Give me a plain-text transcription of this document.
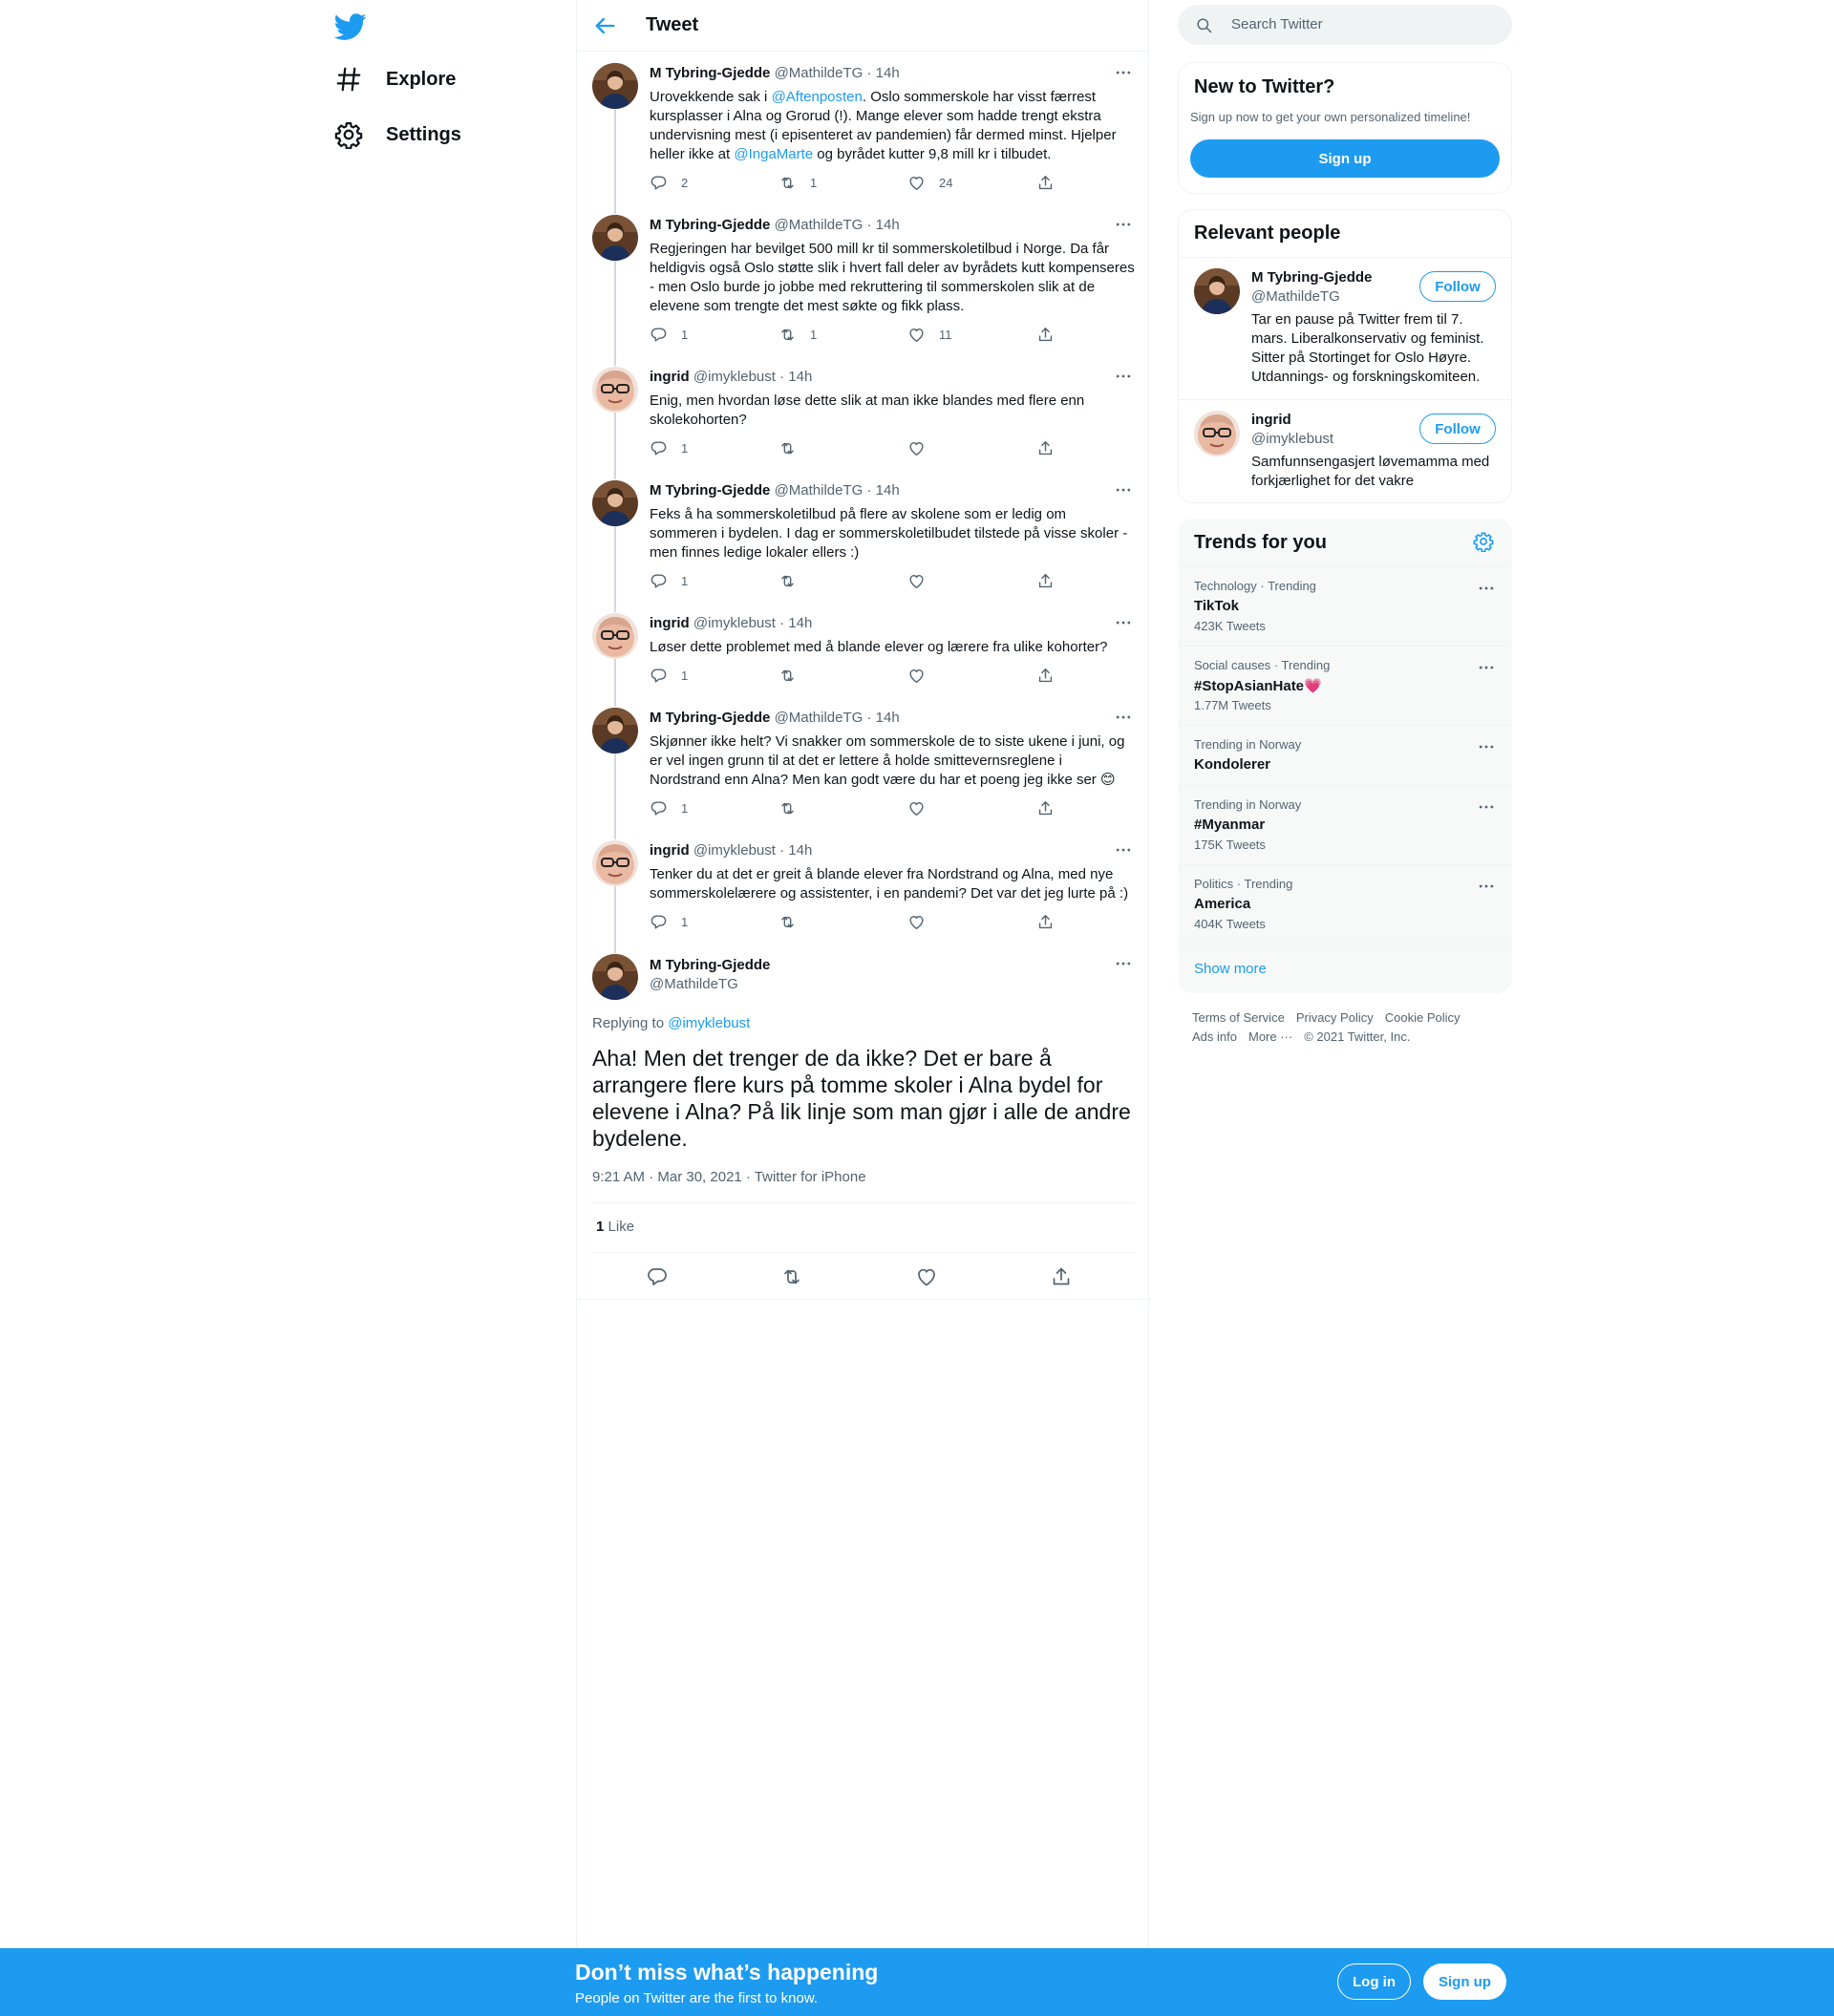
Explore
Settings
Tweet
M Tybring-Gjedde @MathildeTG · 14h
Urovekkende sak i @Aftenposten. Oslo sommerskole har visst færrest kursplasser i Alna og Grorud (!). Mange elever som hadde trengt ekstra undervisning mest (i episenteret av pandemien) får dermed minst. Hjelper heller ikke at @IngaMarte og byrådet kutter 9,8 mill kr i tilbudet.
2	1	24
M Tybring-Gjedde @MathildeTG · 14h
Regjeringen har bevilget 500 mill kr til sommerskoletilbud i Norge. Da får heldigvis også Oslo støtte slik i hvert fall deler av byrådets kutt kompenseres - men Oslo burde jo jobbe med rekruttering til sommerskolen slik at de elevene som trengte det mest søkte og fikk plass.
1	1	11
ingrid @imyklebust · 14h
Enig, men hvordan løse dette slik at man ikke blandes med flere enn skolekohorten?
1
M Tybring-Gjedde @MathildeTG · 14h
Feks å ha sommerskoletilbud på flere av skolene som er ledig om sommeren i bydelen. I dag er sommerskoletilbudet tilstede på visse skoler - men finnes ledige lokaler ellers :)
1
ingrid @imyklebust · 14h
Løser dette problemet med å blande elever og lærere fra ulike kohorter?
1
M Tybring-Gjedde @MathildeTG · 14h
Skjønner ikke helt? Vi snakker om sommerskole de to siste ukene i juni, og er vel ingen grunn til at det er lettere å holde smittevernsreglene i Nordstrand enn Alna? Men kan godt være du har et poeng jeg ikke ser 😊
1
ingrid @imyklebust · 14h
Tenker du at det er greit å blande elever fra Nordstrand og Alna, med nye sommerskolelærere og assistenter, i en pandemi? Det var det jeg lurte på :)
1
M Tybring-Gjedde
@MathildeTG
Replying to @imyklebust
Aha! Men det trenger de da ikke? Det er bare å arrangere flere kurs på tomme skoler i Alna bydel for elevene i Alna? På lik linje som man gjør i alle de andre bydelene.
9:21 AM · Mar 30, 2021 · Twitter for iPhone
1 Like
Search Twitter
New to Twitter?
Sign up now to get your own personalized timeline!
Sign up
Relevant people
M Tybring-Gjedde
@MathildeTG
Follow
Tar en pause på Twitter frem til 7. mars. Liberalkonservativ og feminist. Sitter på Stortinget for Oslo Høyre. Utdannings- og forskningskomiteen.
ingrid
@imyklebust
Follow
Samfunnsengasjert løvemamma med forkjærlighet for det vakre
Trends for you
Technology · Trending
TikTok
423K Tweets
Social causes · Trending
#StopAsianHate💗
1.77M Tweets
Trending in Norway
Kondolerer
Trending in Norway
#Myanmar
175K Tweets
Politics · Trending
America
404K Tweets
Show more
Terms of Service Privacy Policy Cookie Policy
Ads info More ··· © 2021 Twitter, Inc.
Don’t miss what’s happening
People on Twitter are the first to know.
Log in	Sign up
